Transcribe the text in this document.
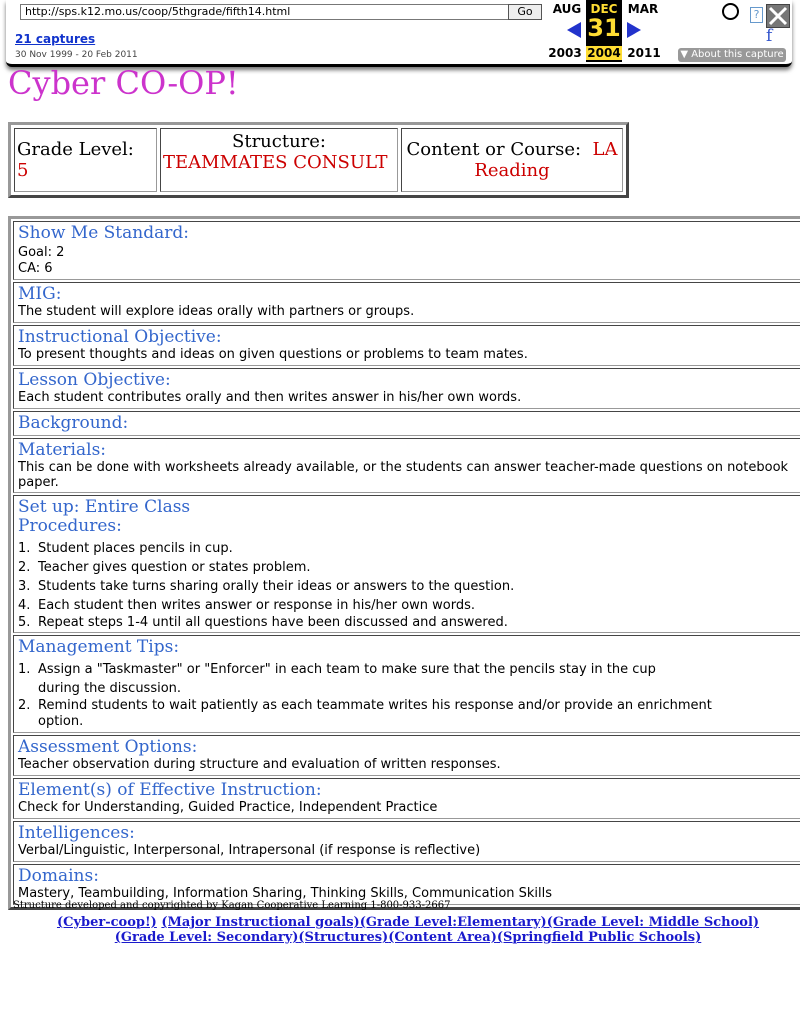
http://sps.k12.mo.us/coop/5thgrade/fifth14.html
Go
21 captures
30 Nov 1999 - 20 Feb 2011
AUG
2003
DEC
31
2004
MAR
2011
?
f
▼ About this capture
Cyber CO-OP!
Grade Level:  5	
Structure:
TEAMMATES CONSULT
	Content or Course: LA
Reading
Show Me Standard:
Goal: 2
CA: 6

MIG:
The student will explore ideas orally with partners or groups.

Instructional Objective:
To present thoughts and ideas on given questions or problems to team mates.

Lesson Objective:
Each student contributes orally and then writes answer in his/her own words.

Background:

Materials:
This can be done with worksheets already available, or the students can answer teacher-made questions on notebook paper.

Set up: Entire Class
Procedures:
1. Student places pencils in cup.
2. Teacher gives question or states problem.
3. Students take turns sharing orally their ideas or answers to the question.
4. Each student then writes answer or response in his/her own words.
5. Repeat steps 1-4 until all questions have been discussed and answered.

Management Tips:
1. Assign a "Taskmaster" or "Enforcer" in each team to make sure that the pencils stay in the cup
during the discussion.
2. Remind students to wait patiently as each teammate writes his response and/or provide an enrichment
option.

Assessment Options:
Teacher observation during structure and evaluation of written responses.

Element(s) of Effective Instruction:
Check for Understanding, Guided Practice, Independent Practice

Intelligences:
Verbal/Linguistic, Interpersonal, Intrapersonal (if response is reflective)

Domains:
Mastery, Teambuilding, Information Sharing, Thinking Skills, Communication Skills
Structure developed and copyrighted by Kagan Cooperative Learning 1-800-933-2667
(Cyber-coop!) (Major Instructional goals)(Grade Level:Elementary)(Grade Level: Middle School)
(Grade Level: Secondary)(Structures)(Content Area)(Springfield Public Schools)
